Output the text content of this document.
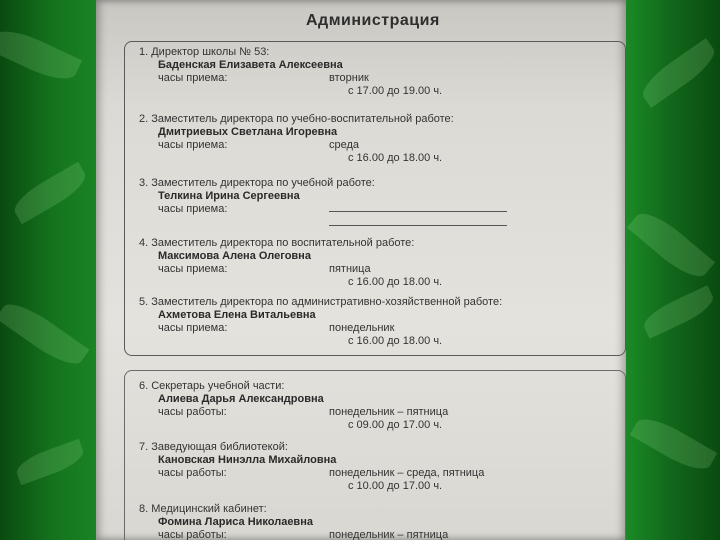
Администрация
1. Директор школы № 53:
Баденская Елизавета Алексеевна
часы приема:	вторник
с 17.00 до 19.00 ч.
2. Заместитель директора по учебно-воспитательной работе:
Дмитриевых Светлана Игоревна
часы приема:	среда
с 16.00 до 18.00 ч.
3. Заместитель директора по учебной работе:
Телкина Ирина Сергеевна
часы приема:
4. Заместитель директора по воспитательной работе:
Максимова Алена Олеговна
часы приема:	пятница
с 16.00 до 18.00 ч.
5. Заместитель директора по административно-хозяйственной работе:
Ахметова Елена Витальевна
часы приема:	понедельник
с 16.00 до 18.00 ч.
6. Секретарь учебной части:
Алиева Дарья Александровна
часы работы:	понедельник – пятница
с 09.00 до 17.00 ч.
7. Заведующая библиотекой:
Кановская Нинэлла Михайловна
часы работы:	понедельник – среда, пятница
с 10.00 до 17.00 ч.
8. Медицинский кабинет:
Фомина Лариса Николаевна
часы работы:	понедельник – пятница
